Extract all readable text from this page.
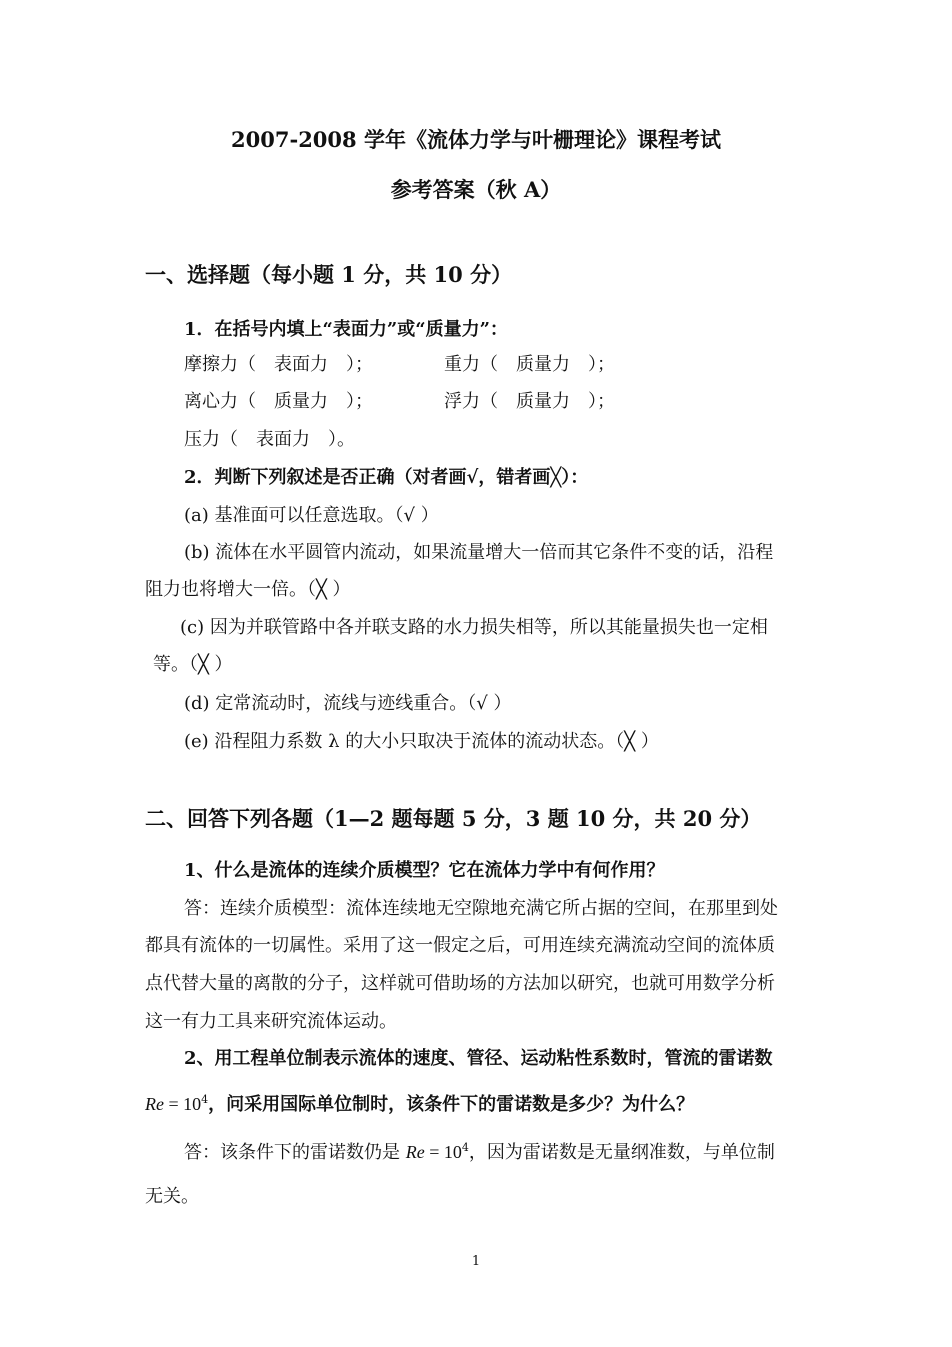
2007-2008 学年《流体力学与叶栅理论》课程考试
参考答案（秋 A）
一、选择题（每小题 1 分，共 10 分）
1．在括号内填上“表面力”或“质量力”：
摩擦力（　表面力　）；	重力（　质量力　）；
离心力（　质量力　）；	浮力（　质量力　）；
压力（　表面力　）。
2．判断下列叙述是否正确（对者画√，错者画╳）：
(a) 基准面可以任意选取。（√ ）
(b) 流体在水平圆管内流动，如果流量增大一倍而其它条件不变的话，沿程
阻力也将增大一倍。（╳ ）
(c) 因为并联管路中各并联支路的水力损失相等，所以其能量损失也一定相
等。（╳ ）
(d) 定常流动时，流线与迹线重合。（√ ）
(e) 沿程阻力系数 λ 的大小只取决于流体的流动状态。（╳ ）
二、回答下列各题（1—2 题每题 5 分，3 题 10 分，共 20 分）
1、什么是流体的连续介质模型？它在流体力学中有何作用？
答：连续介质模型：流体连续地无空隙地充满它所占据的空间，在那里到处
都具有流体的一切属性。采用了这一假定之后，可用连续充满流动空间的流体质
点代替大量的离散的分子，这样就可借助场的方法加以研究，也就可用数学分析
这一有力工具来研究流体运动。
2、用工程单位制表示流体的速度、管径、运动粘性系数时，管流的雷诺数
$Re = 10^4$，问采用国际单位制时，该条件下的雷诺数是多少？为什么？
答：该条件下的雷诺数仍是 $Re = 10^4$，因为雷诺数是无量纲准数，与单位制
无关。
1
